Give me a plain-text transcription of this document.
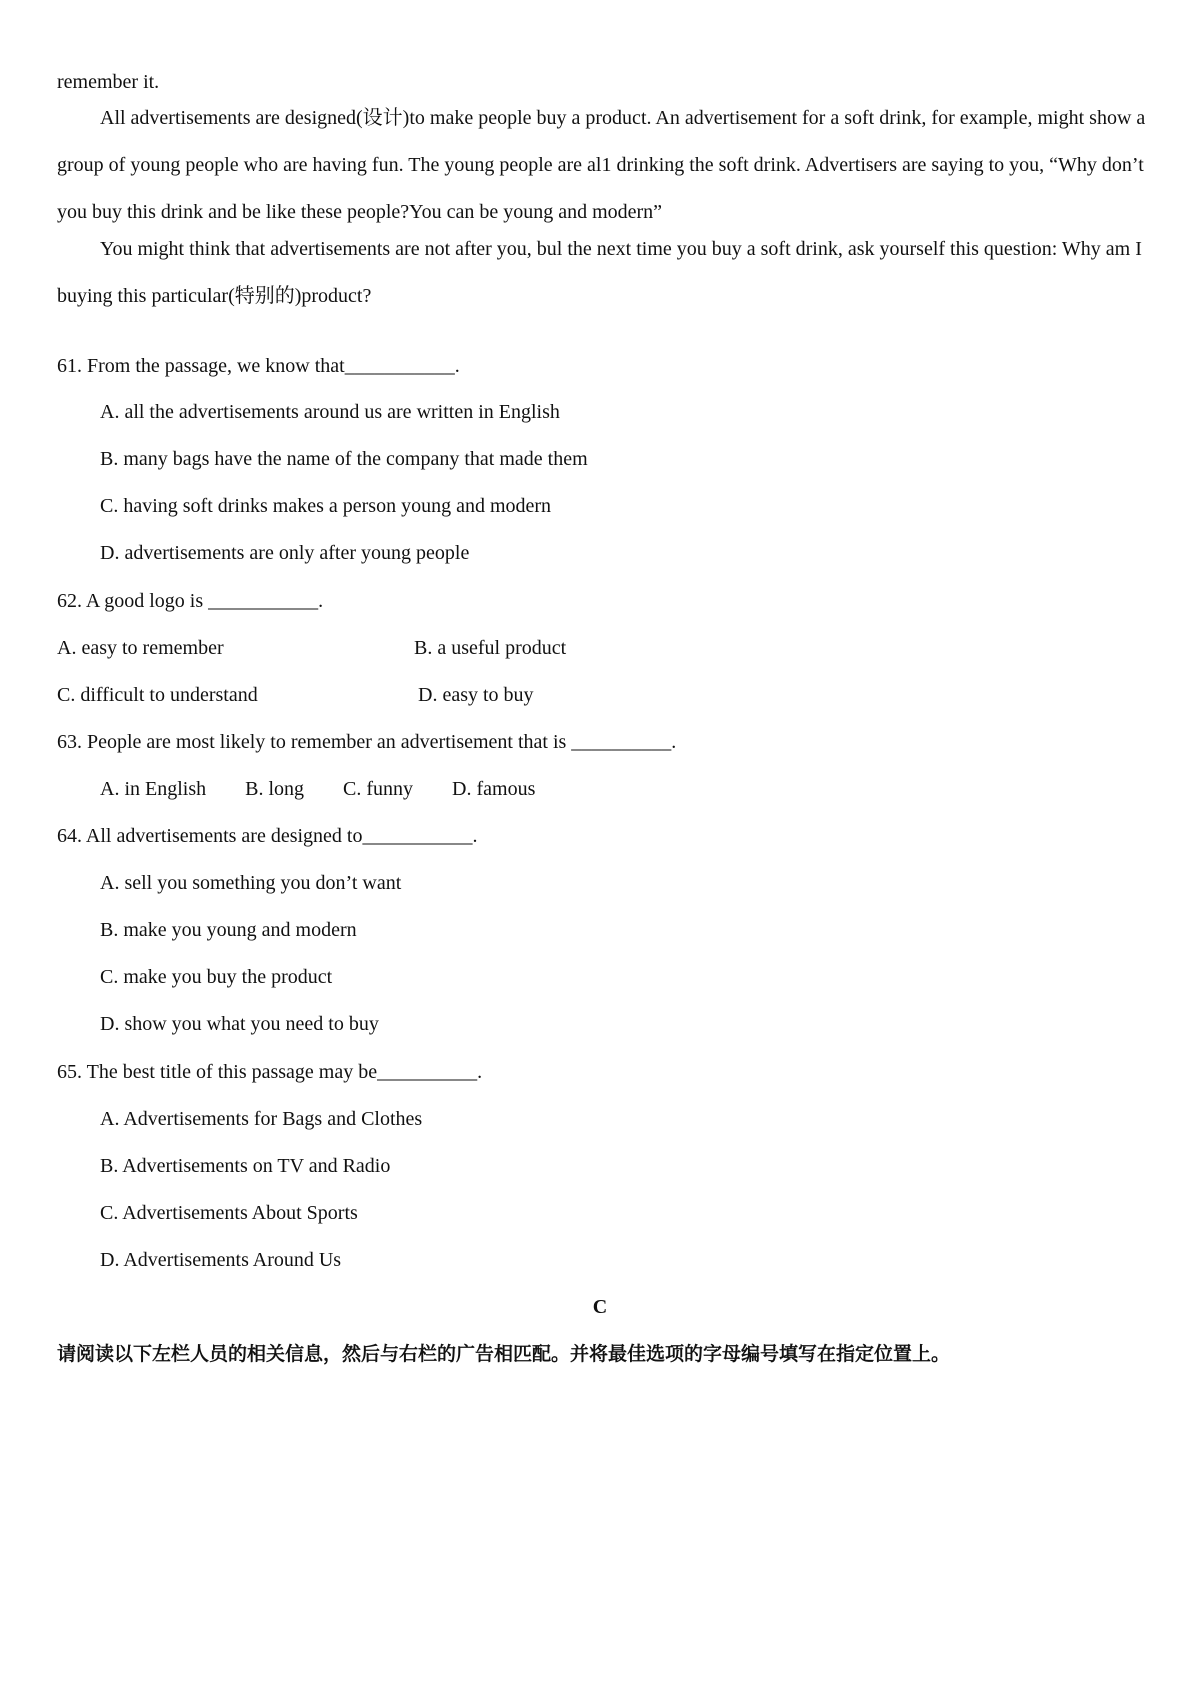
remember it.
All advertisements are designed(设计)to make people buy a product. An advertisement for a soft drink, for example, might show a group of young people who are having fun. The young people are al1 drinking the soft drink. Advertisers are saying to you, “Why don’t you buy this drink and be like these people?You can be young and modern”
You might think that advertisements are not after you, bul the next time you buy a soft drink, ask yourself this question: Why am I buying this particular(特别的)product?
61. From the passage, we know that___________.
A. all the advertisements around us are written in English
B. many bags have the name of the company that made them
C. having soft drinks makes a person young and modern
D. advertisements are only after young people
62. A good logo is ___________.
A. easy to remember	B. a useful product
C. difficult to understand	D. easy to buy
63. People are most likely to remember an advertisement that is __________.
A. in English B. long C. funny D. famous
64. All advertisements are designed to___________.
A. sell you something you don’t want
B. make you young and modern
C. make you buy the product
D. show you what you need to buy
65. The best title of this passage may be__________.
A. Advertisements for Bags and Clothes
B. Advertisements on TV and Radio
C. Advertisements About Sports
D. Advertisements Around Us
C
请阅读以下左栏人员的相关信息，然后与右栏的广告相匹配。并将最佳选项的字母编号填写在指定位置上。
